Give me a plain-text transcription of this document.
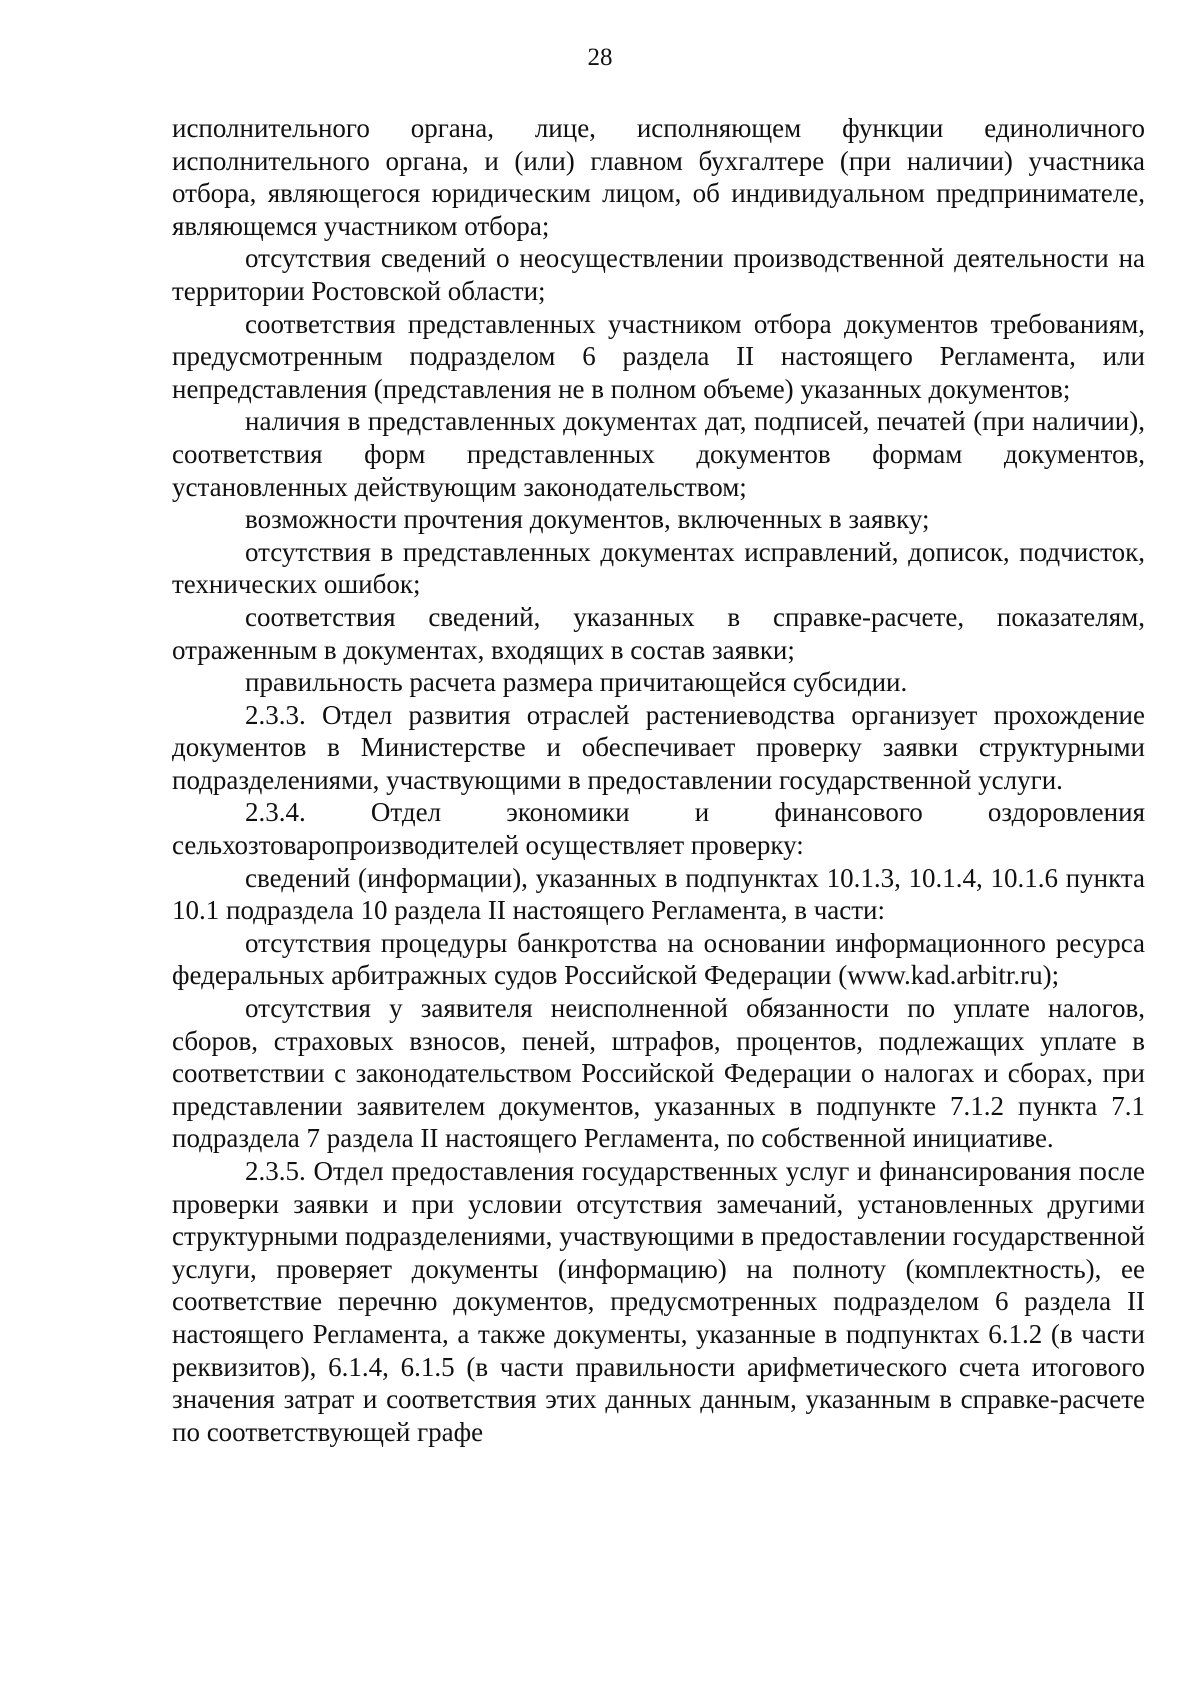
28

исполнительного органа, лице, исполняющем функции единоличного исполнительного органа, и (или) главном бухгалтере (при наличии) участника отбора, являющегося юридическим лицом, об индивидуальном предпринимателе, являющемся участником отбора;

отсутствия сведений о неосуществлении производственной деятельности на территории Ростовской области;

соответствия представленных участником отбора документов требованиям, предусмотренным подразделом 6 раздела II настоящего Регламента, или непредставления (представления не в полном объеме) указанных документов;

наличия в представленных документах дат, подписей, печатей (при наличии), соответствия форм представленных документов формам документов, установленных действующим законодательством;

возможности прочтения документов, включенных в заявку;

отсутствия в представленных документах исправлений, дописок, подчисток, технических ошибок;

соответствия сведений, указанных в справке-расчете, показателям, отраженным в документах, входящих в состав заявки;

правильность расчета размера причитающейся субсидии.

2.3.3. Отдел развития отраслей растениеводства организует прохождение документов в Министерстве и обеспечивает проверку заявки структурными подразделениями, участвующими в предоставлении государственной услуги.

2.3.4. Отдел экономики и финансового оздоровления сельхозтоваропроизводителей осуществляет проверку:

сведений (информации), указанных в подпунктах 10.1.3, 10.1.4, 10.1.6 пункта 10.1 подраздела 10 раздела II настоящего Регламента, в части:

отсутствия процедуры банкротства на основании информационного ресурса федеральных арбитражных судов Российской Федерации (www.kad.arbitr.ru);

отсутствия у заявителя неисполненной обязанности по уплате налогов, сборов, страховых взносов, пеней, штрафов, процентов, подлежащих уплате в соответствии с законодательством Российской Федерации о налогах и сборах, при представлении заявителем документов, указанных в подпункте 7.1.2 пункта 7.1 подраздела 7 раздела II настоящего Регламента, по собственной инициативе.

2.3.5. Отдел предоставления государственных услуг и финансирования после проверки заявки и при условии отсутствия замечаний, установленных другими структурными подразделениями, участвующими в предоставлении государственной услуги, проверяет документы (информацию) на полноту (комплектность), ее соответствие перечню документов, предусмотренных подразделом 6 раздела II настоящего Регламента, а также документы, указанные в подпунктах 6.1.2 (в части реквизитов), 6.1.4, 6.1.5 (в части правильности арифметического счета итогового значения затрат и соответствия этих данных данным, указанным в справке-расчете по соответствующей графе
